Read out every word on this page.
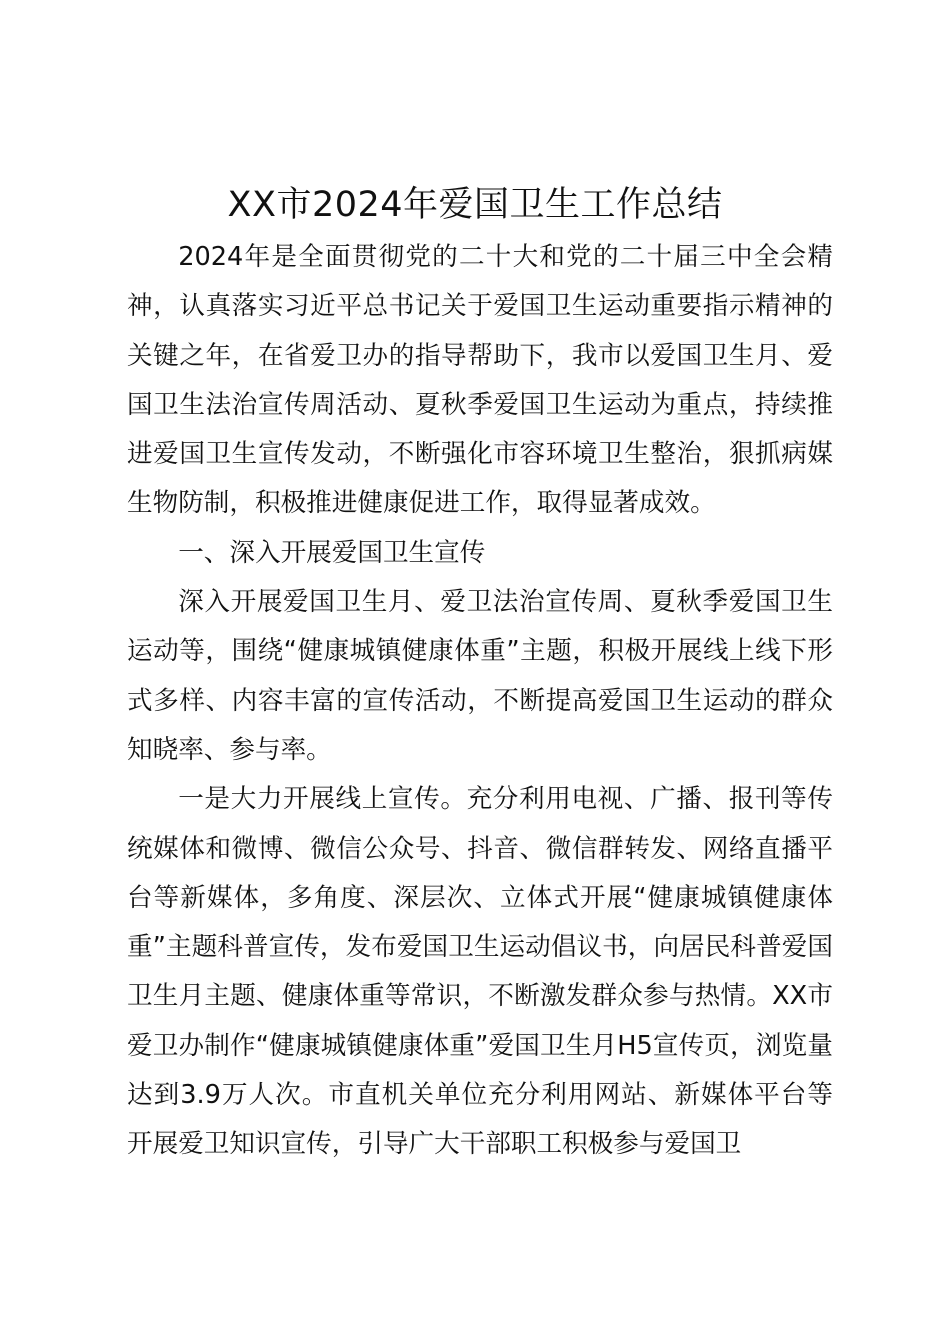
XX市2024年爱国卫生工作总结

2024年是全面贯彻党的二十大和党的二十届三中全会精神，认真落实习近平总书记关于爱国卫生运动重要指示精神的关键之年，在省爱卫办的指导帮助下，我市以爱国卫生月、爱国卫生法治宣传周活动、夏秋季爱国卫生运动为重点，持续推进爱国卫生宣传发动，不断强化市容环境卫生整治，狠抓病媒生物防制，积极推进健康促进工作，取得显著成效。

一、深入开展爱国卫生宣传

深入开展爱国卫生月、爱卫法治宣传周、夏秋季爱国卫生运动等，围绕“健康城镇健康体重”主题，积极开展线上线下形式多样、内容丰富的宣传活动，不断提高爱国卫生运动的群众知晓率、参与率。

一是大力开展线上宣传。充分利用电视、广播、报刊等传统媒体和微博、微信公众号、抖音、微信群转发、网络直播平台等新媒体，多角度、深层次、立体式开展“健康城镇健康体重”主题科普宣传，发布爱国卫生运动倡议书，向居民科普爱国卫生月主题、健康体重等常识，不断激发群众参与热情。XX市爱卫办制作“健康城镇健康体重”爱国卫生月H5宣传页，浏览量达到3.9万人次。市直机关单位充分利用网站、新媒体平台等开展爱卫知识宣传，引导广大干部职工积极参与爱国卫
